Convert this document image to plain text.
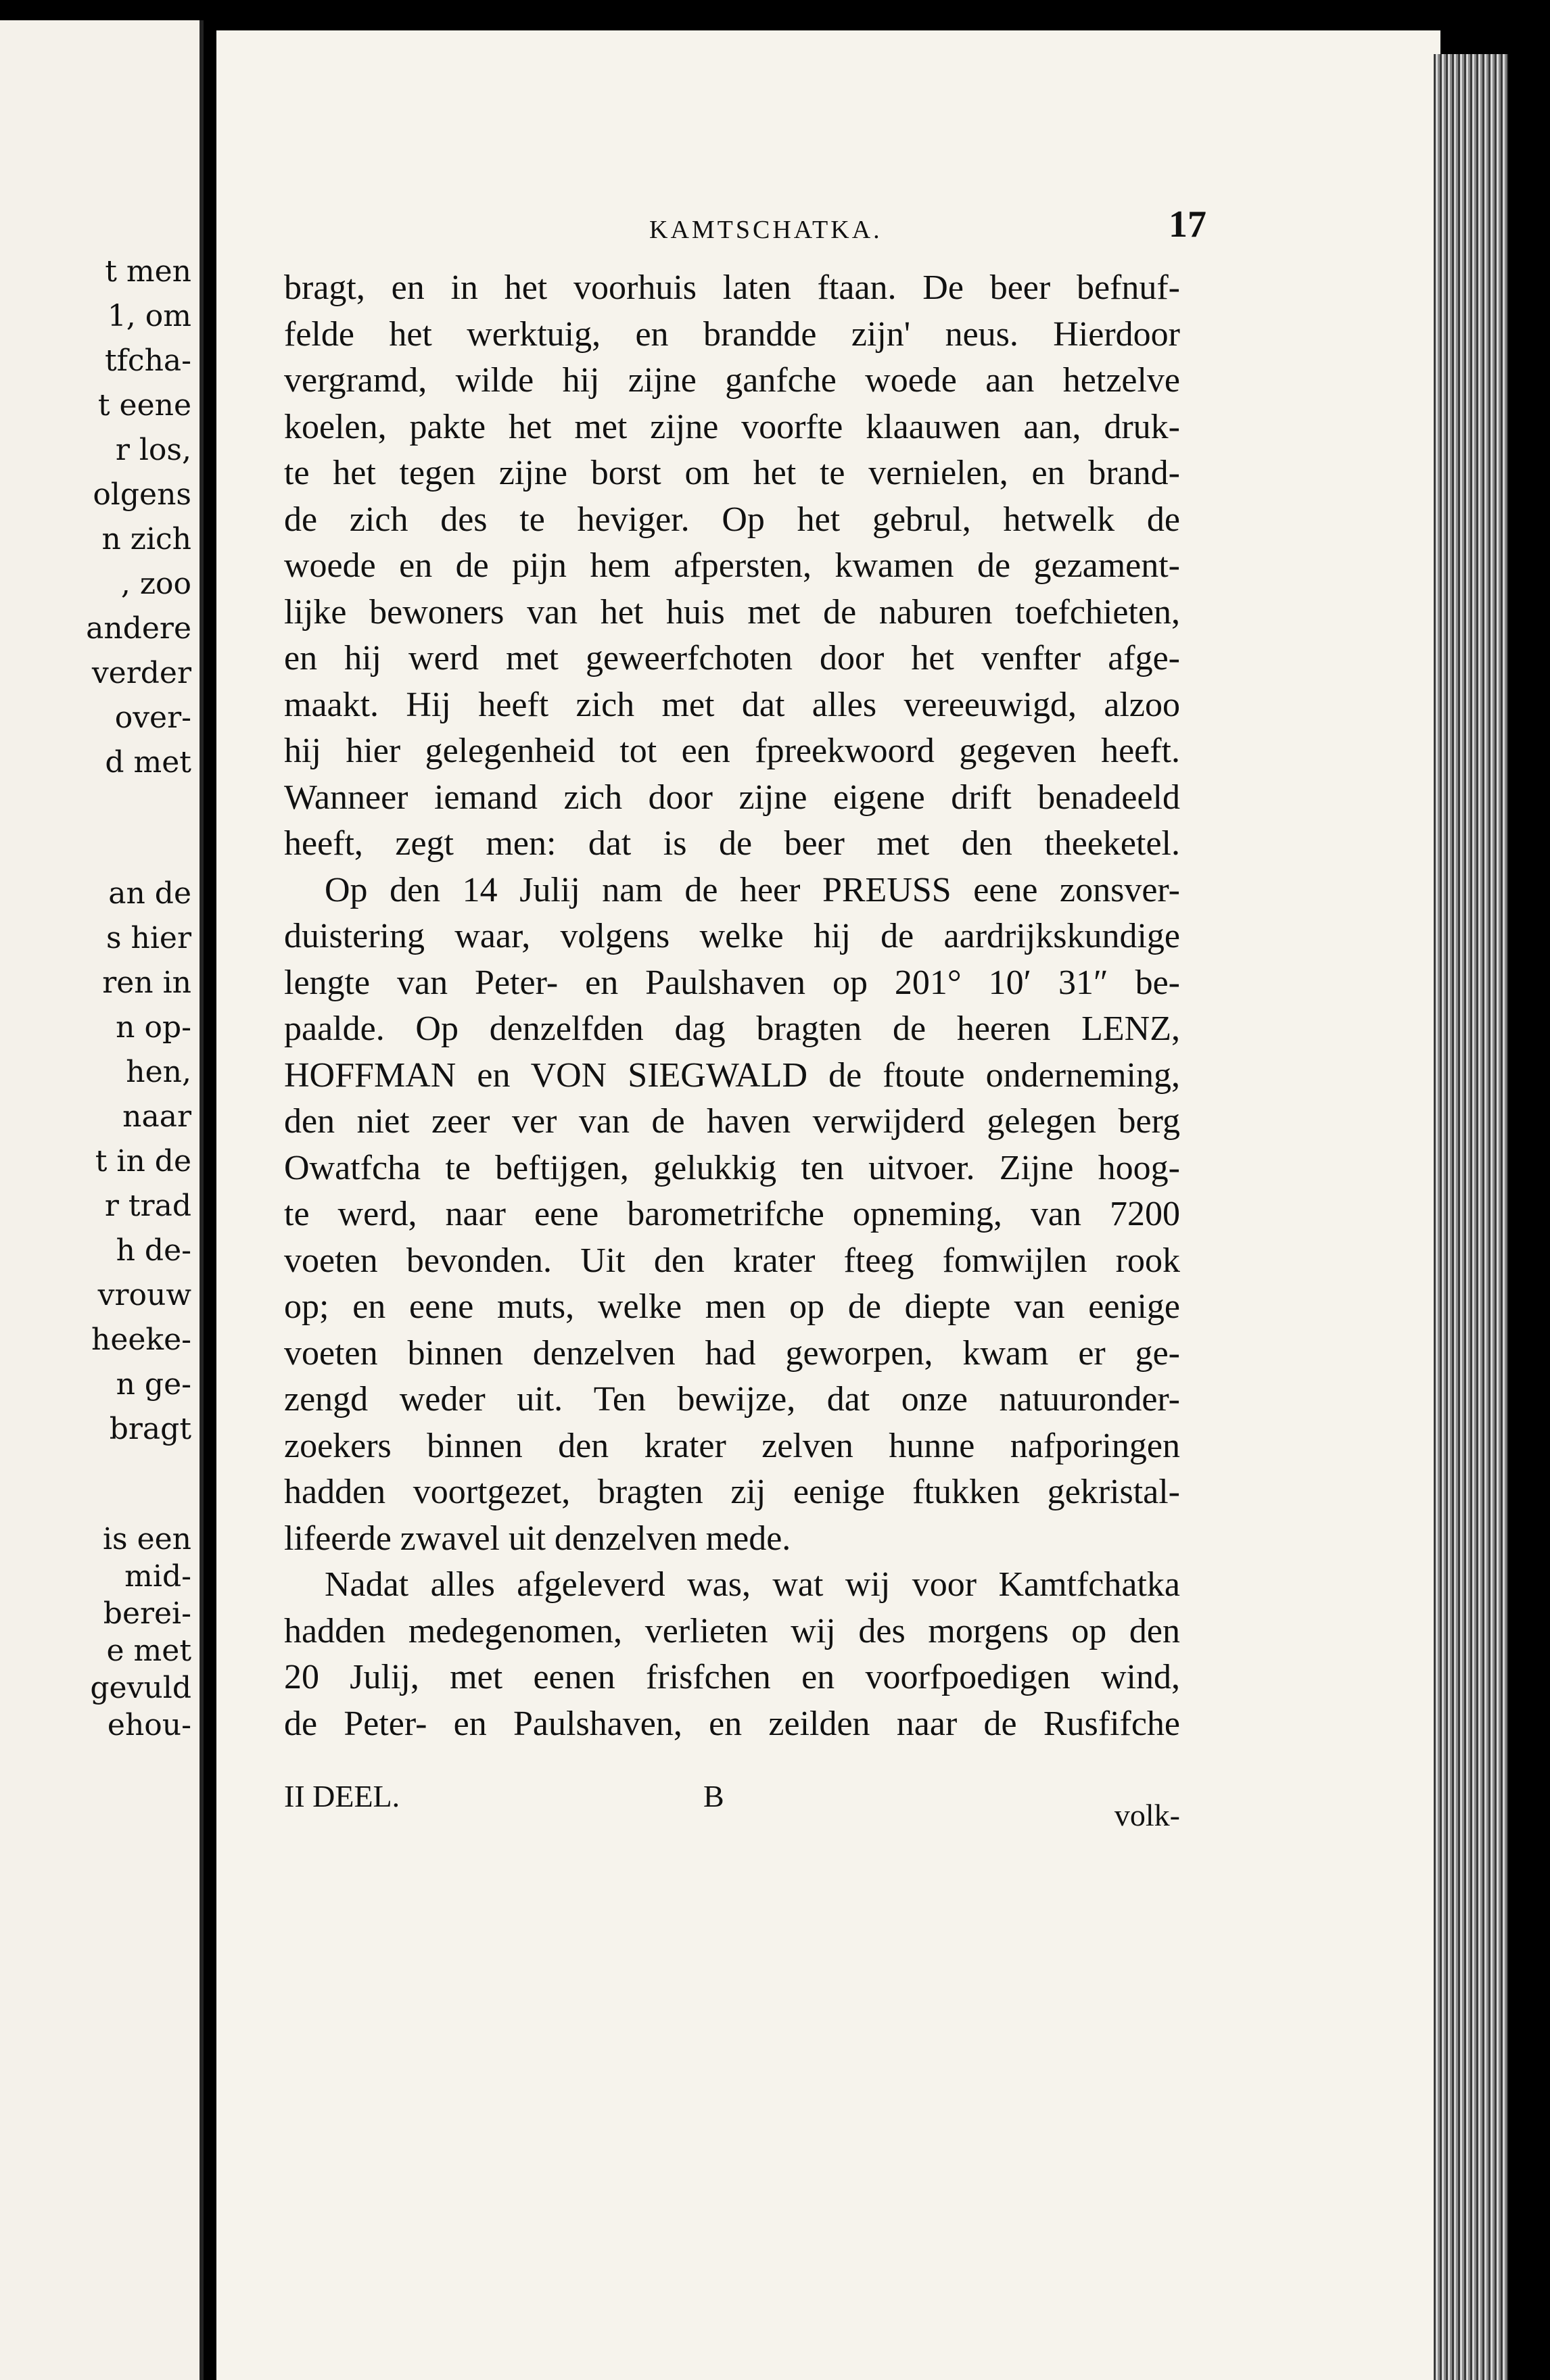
t men
1, om
tfcha-
t eene
r los,
olgens
n zich
, zoo
andere
verder
over-
d met
an de
s hier
ren in
n op-
hen,
naar
t in de
r trad
h de-
vrouw
heeke-
n ge-
bragt
is een
mid-
berei-
e met
gevuld
ehou-
KAMTSCHATKA.	17
bragt, en in het voorhuis laten ftaan. De beer befnuf-
felde het werktuig, en brandde zijn' neus. Hierdoor
vergramd, wilde hij zijne ganfche woede aan hetzelve
koelen, pakte het met zijne voorfte klaauwen aan, druk-
te het tegen zijne borst om het te vernielen, en brand-
de zich des te heviger. Op het gebrul, hetwelk de
woede en de pijn hem afpersten, kwamen de gezament-
lijke bewoners van het huis met de naburen toefchieten,
en hij werd met geweerfchoten door het venfter afge-
maakt. Hij heeft zich met dat alles vereeuwigd, alzoo
hij hier gelegenheid tot een fpreekwoord gegeven heeft.
Wanneer iemand zich door zijne eigene drift benadeeld
heeft, zegt men: dat is de beer met den theeketel.
Op den 14 Julij nam de heer PREUSS eene zonsver-
duistering waar, volgens welke hij de aardrijkskundige
lengte van Peter- en Paulshaven op 201° 10′ 31″ be-
paalde. Op denzelfden dag bragten de heeren LENZ,
HOFFMAN en VON SIEGWALD de ftoute onderneming,
den niet zeer ver van de haven verwijderd gelegen berg
Owatfcha te beftijgen, gelukkig ten uitvoer. Zijne hoog-
te werd, naar eene barometrifche opneming, van 7200
voeten bevonden. Uit den krater fteeg fomwijlen rook
op; en eene muts, welke men op de diepte van eenige
voeten binnen denzelven had geworpen, kwam er ge-
zengd weder uit. Ten bewijze, dat onze natuuronder-
zoekers binnen den krater zelven hunne nafporingen
hadden voortgezet, bragten zij eenige ftukken gekristal-
lifeerde zwavel uit denzelven mede.
Nadat alles afgeleverd was, wat wij voor Kamtfchatka
hadden medegenomen, verlieten wij des morgens op den
20 Julij, met eenen frisfchen en voorfpoedigen wind,
de Peter- en Paulshaven, en zeilden naar de Rusfifche
II DEEL.	B
volk-
